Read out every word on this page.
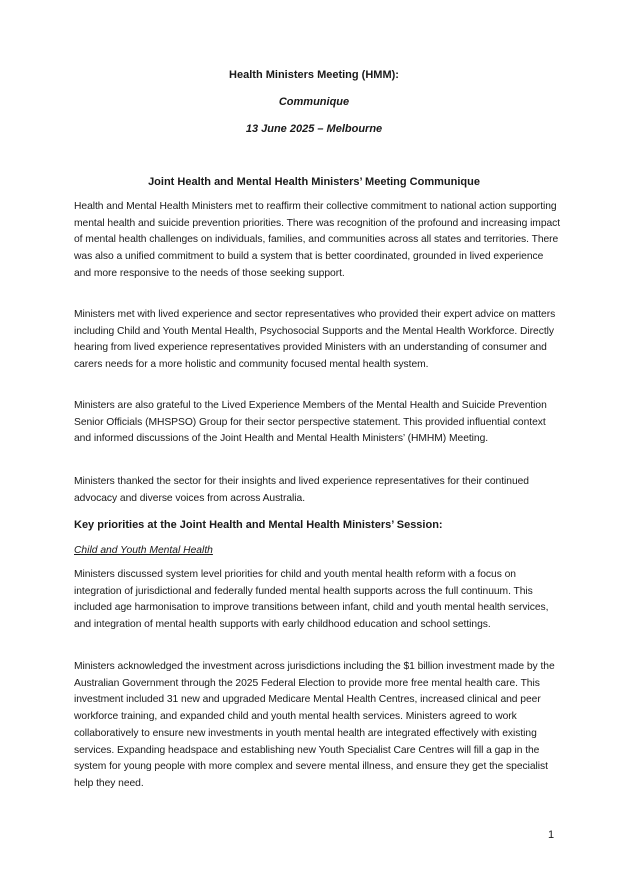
Health Ministers Meeting (HMM):
Communique
13 June 2025 – Melbourne
Joint Health and Mental Health Ministers’ Meeting Communique

Health and Mental Health Ministers met to reaffirm their collective commitment to national action supporting mental health and suicide prevention priorities. There was recognition of the profound and increasing impact of mental health challenges on individuals, families, and communities across all states and territories. There was also a unified commitment to build a system that is better coordinated, grounded in lived experience and more responsive to the needs of those seeking support.

Ministers met with lived experience and sector representatives who provided their expert advice on matters including Child and Youth Mental Health, Psychosocial Supports and the Mental Health Workforce. Directly hearing from lived experience representatives provided Ministers with an understanding of consumer and carers needs for a more holistic and community focused mental health system.

Ministers are also grateful to the Lived Experience Members of the Mental Health and Suicide Prevention Senior Officials (MHSPSO) Group for their sector perspective statement. This provided influential context and informed discussions of the Joint Health and Mental Health Ministers’ (HMHM) Meeting.

Ministers thanked the sector for their insights and lived experience representatives for their continued advocacy and diverse voices from across Australia.

Key priorities at the Joint Health and Mental Health Ministers’ Session:
Child and Youth Mental Health

Ministers discussed system level priorities for child and youth mental health reform with a focus on integration of jurisdictional and federally funded mental health supports across the full continuum. This included age harmonisation to improve transitions between infant, child and youth mental health services, and integration of mental health supports with early childhood education and school settings.

Ministers acknowledged the investment across jurisdictions including the $1 billion investment made by the Australian Government through the 2025 Federal Election to provide more free mental health care. This investment included 31 new and upgraded Medicare Mental Health Centres, increased clinical and peer workforce training, and expanded child and youth mental health services. Ministers agreed to work collaboratively to ensure new investments in youth mental health are integrated effectively with existing services. Expanding headspace and establishing new Youth Specialist Care Centres will fill a gap in the system for young people with more complex and severe mental illness, and ensure they get the specialist help they need.

1
